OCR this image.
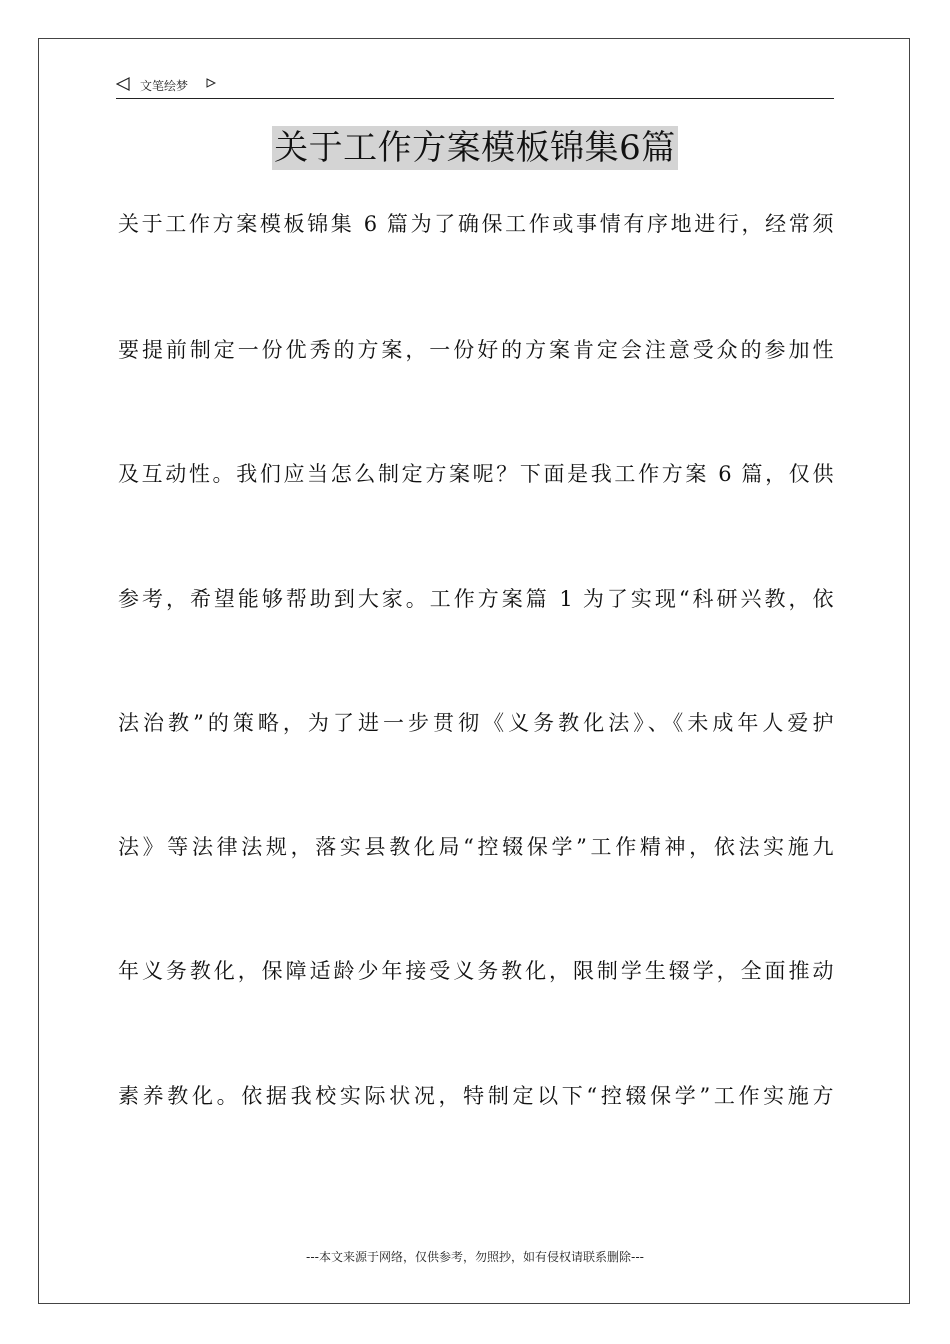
文笔绘梦
关于工作方案模板锦集6篇
关于工作方案模板锦集 6 篇为了确保工作或事情有序地进行，经常须
要提前制定一份优秀的方案，一份好的方案肯定会注意受众的参加性
及互动性。我们应当怎么制定方案呢？下面是我工作方案 6 篇，仅供
参考，希望能够帮助到大家。工作方案篇 1 为了实现“科研兴教，依
法治教”的策略，为了进一步贯彻《义务教化法》、《未成年人爱护
法》等法律法规，落实县教化局“控辍保学”工作精神，依法实施九
年义务教化，保障适龄少年接受义务教化，限制学生辍学，全面推动
素养教化。依据我校实际状况，特制定以下“控辍保学”工作实施方
---本文来源于网络，仅供参考，勿照抄，如有侵权请联系删除---
